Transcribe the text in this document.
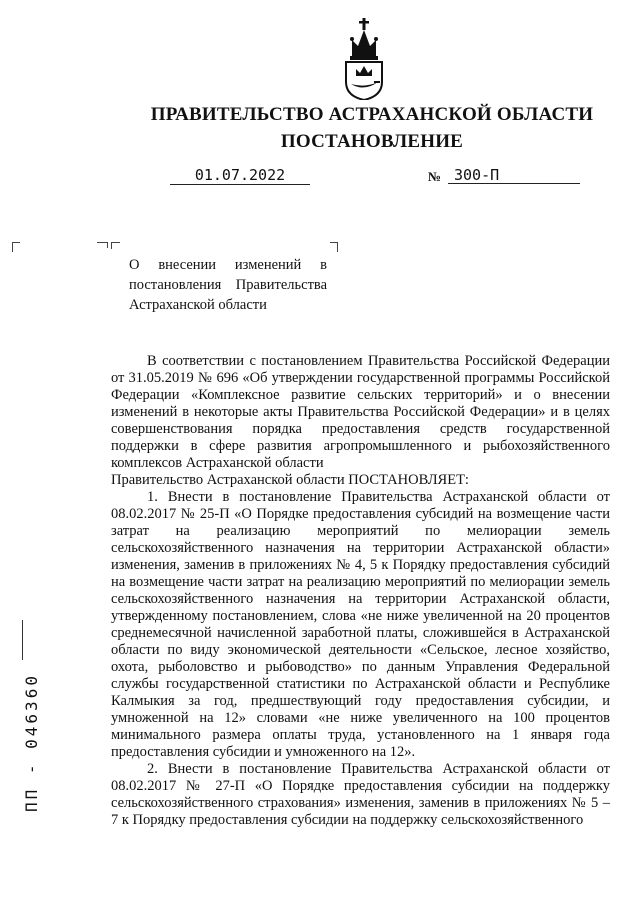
ПРАВИТЕЛЬСТВО АСТРАХАНСКОЙ ОБЛАСТИ
ПОСТАНОВЛЕНИЕ
01.07.2022	№ 300-П
О внесении изменений в постановления Правительства Астраханской области

В соответствии с постановлением Правительства Российской Федерации от 31.05.2019 № 696 «Об утверждении государственной программы Российской Федерации «Комплексное развитие сельских территорий» и о внесении изменений в некоторые акты Правительства Российской Федерации» и в целях совершенствования порядка предоставления средств государственной поддержки в сфере развития агропромышленного и рыбохозяйственного комплексов Астраханской области

Правительство Астраханской области ПОСТАНОВЛЯЕТ:

1. Внести в постановление Правительства Астраханской области от 08.02.2017 № 25-П «О Порядке предоставления субсидий на возмещение части затрат на реализацию мероприятий по мелиорации земель сельскохозяйственного назначения на территории Астраханской области» изменения, заменив в приложениях № 4, 5 к Порядку предоставления субсидий на возмещение части затрат на реализацию мероприятий по мелиорации земель сельскохозяйственного назначения на территории Астраханской области, утвержденному постановлением, слова «не ниже увеличенной на 20 процентов среднемесячной начисленной заработной платы, сложившейся в Астраханской области по виду экономической деятельности «Сельское, лесное хозяйство, охота, рыболовство и рыбоводство» по данным Управления Федеральной службы государственной статистики по Астраханской области и Республике Калмыкия за год, предшествующий году предоставления субсидии, и умноженной на 12» словами «не ниже увеличенного на 100 процентов минимального размера оплаты труда, установленного на 1 января года предоставления субсидии и умноженного на 12».

2. Внести в постановление Правительства Астраханской области от 08.02.2017 № 27-П «О Порядке предоставления субсидии на поддержку сельскохозяйственного страхования» изменения, заменив в приложениях № 5 – 7 к Порядку предоставления субсидии на поддержку сельскохозяйственного

ПП - 046360
